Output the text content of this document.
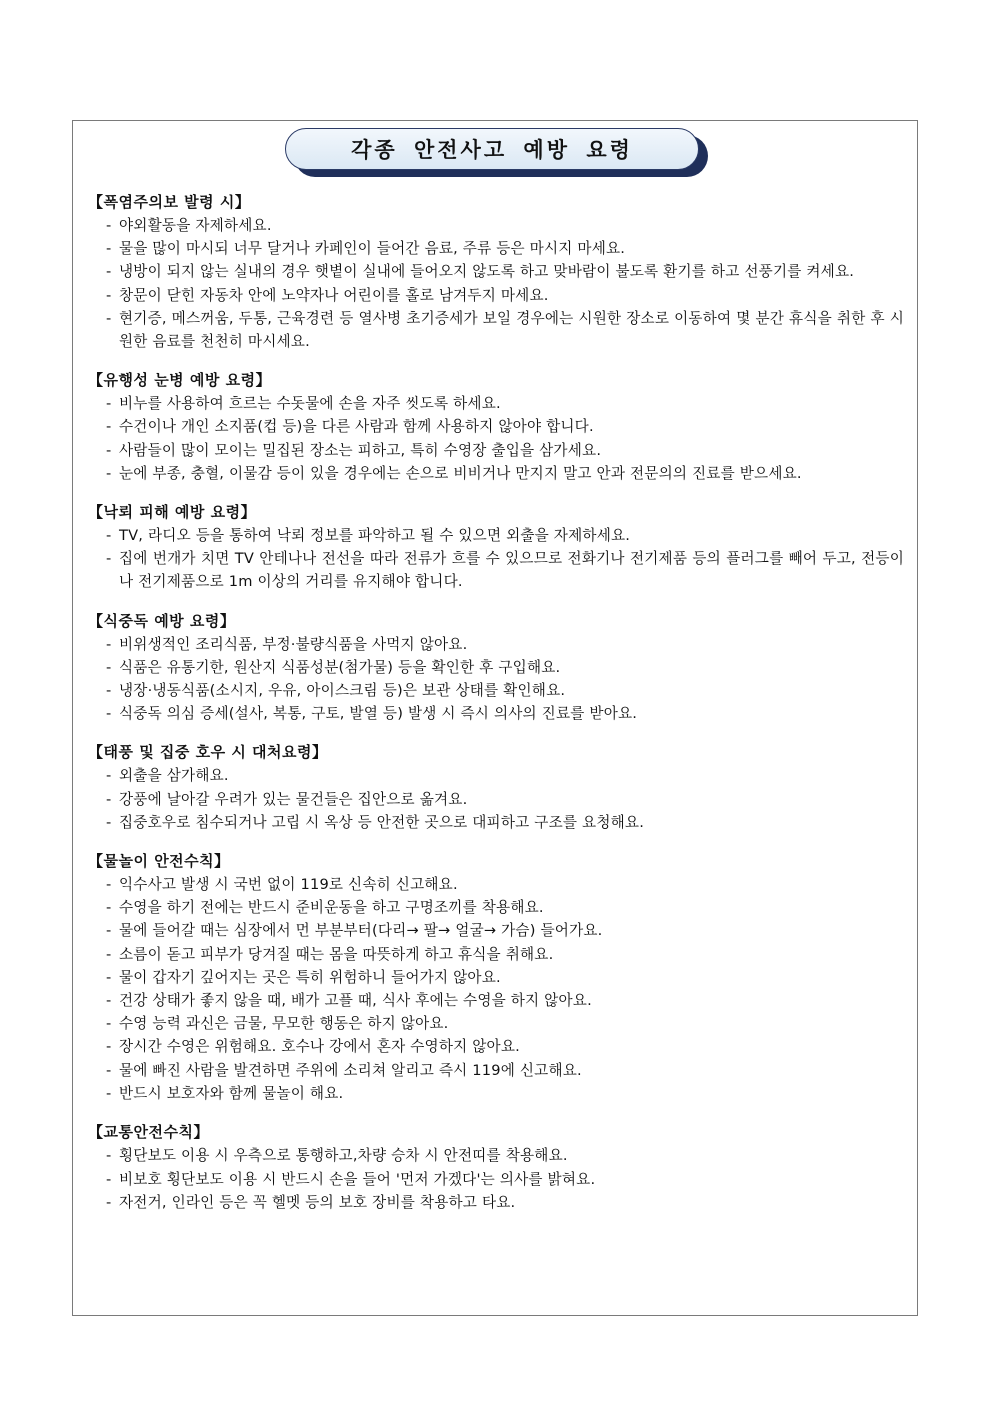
각종 안전사고 예방 요령
【폭염주의보 발령 시】
- 야외활동을 자제하세요.
- 물을 많이 마시되 너무 달거나 카페인이 들어간 음료, 주류 등은 마시지 마세요.
- 냉방이 되지 않는 실내의 경우 햇볕이 실내에 들어오지 않도록 하고 맞바람이 불도록 환기를 하고 선풍기를 켜세요.
- 창문이 닫힌 자동차 안에 노약자나 어린이를 홀로 남겨두지 마세요.
- 현기증, 메스꺼움, 두통, 근육경련 등 열사병 초기증세가 보일 경우에는 시원한 장소로 이동하여 몇 분간 휴식을 취한 후 시원한 음료를 천천히 마시세요.
【유행성 눈병 예방 요령】
- 비누를 사용하여 흐르는 수돗물에 손을 자주 씻도록 하세요.
- 수건이나 개인 소지품(컵 등)을 다른 사람과 함께 사용하지 않아야 합니다.
- 사람들이 많이 모이는 밀집된 장소는 피하고, 특히 수영장 출입을 삼가세요.
- 눈에 부종, 충혈, 이물감 등이 있을 경우에는 손으로 비비거나 만지지 말고 안과 전문의의 진료를 받으세요.
【낙뢰 피해 예방 요령】
- TV, 라디오 등을 통하여 낙뢰 정보를 파악하고 될 수 있으면 외출을 자제하세요.
- 집에 번개가 치면 TV 안테나나 전선을 따라 전류가 흐를 수 있으므로 전화기나 전기제품 등의 플러그를 빼어 두고, 전등이나 전기제품으로 1m 이상의 거리를 유지해야 합니다.
【식중독 예방 요령】
- 비위생적인 조리식품, 부정·불량식품을 사먹지 않아요.
- 식품은 유통기한, 원산지 식품성분(첨가물) 등을 확인한 후 구입해요.
- 냉장·냉동식품(소시지, 우유, 아이스크림 등)은 보관 상태를 확인해요.
- 식중독 의심 증세(설사, 복통, 구토, 발열 등) 발생 시 즉시 의사의 진료를 받아요.
【태풍 및 집중 호우 시 대처요령】
- 외출을 삼가해요.
- 강풍에 날아갈 우려가 있는 물건들은 집안으로 옮겨요.
- 집중호우로 침수되거나 고립 시 옥상 등 안전한 곳으로 대피하고 구조를 요청해요.
【물놀이 안전수칙】
- 익수사고 발생 시 국번 없이 119로 신속히 신고해요.
- 수영을 하기 전에는 반드시 준비운동을 하고 구명조끼를 착용해요.
- 물에 들어갈 때는 심장에서 먼 부분부터(다리→ 팔→ 얼굴→ 가슴) 들어가요.
- 소름이 돋고 피부가 당겨질 때는 몸을 따뜻하게 하고 휴식을 취해요.
- 물이 갑자기 깊어지는 곳은 특히 위험하니 들어가지 않아요.
- 건강 상태가 좋지 않을 때, 배가 고플 때, 식사 후에는 수영을 하지 않아요.
- 수영 능력 과신은 금물, 무모한 행동은 하지 않아요.
- 장시간 수영은 위험해요. 호수나 강에서 혼자 수영하지 않아요.
- 물에 빠진 사람을 발견하면 주위에 소리쳐 알리고 즉시 119에 신고해요.
- 반드시 보호자와 함께 물놀이 해요.
【교통안전수칙】
- 횡단보도 이용 시 우측으로 통행하고,차량 승차 시 안전띠를 착용해요.
- 비보호 횡단보도 이용 시 반드시 손을 들어 '먼저 가겠다'는 의사를 밝혀요.
- 자전거, 인라인 등은 꼭 헬멧 등의 보호 장비를 착용하고 타요.
